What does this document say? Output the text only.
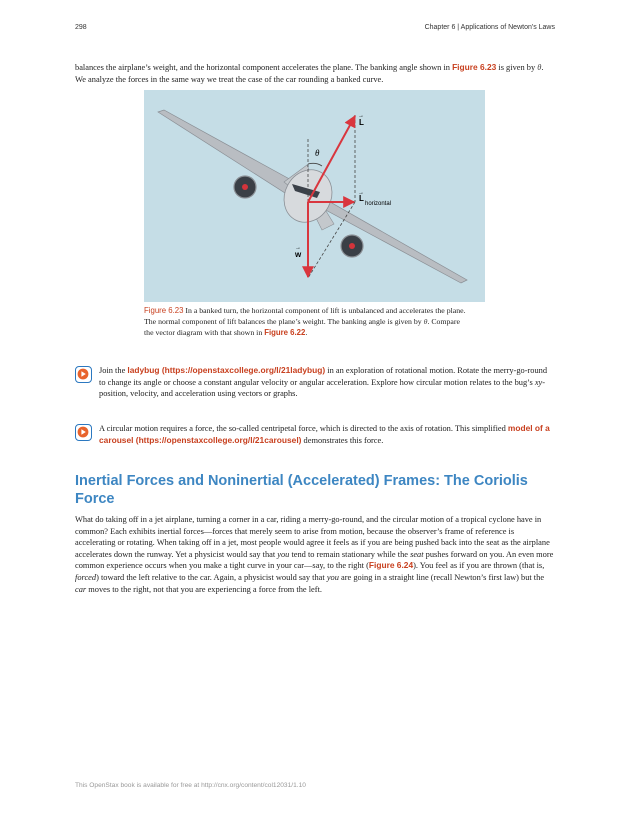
298	Chapter 6 | Applications of Newton's Laws

balances the airplane’s weight, and the horizontal component accelerates the plane. The banking angle shown in Figure 6.23 is given by θ. We analyze the forces in the same way we treat the case of the car rounding a banked curve.

→
L
θ
→
L
horizontal
→
w

Figure 6.23 In a banked turn, the horizontal component of lift is unbalanced and accelerates the plane. The normal component of lift balances the plane’s weight. The banking angle is given by θ. Compare the vector diagram with that shown in Figure 6.22.

Join the ladybug (https://openstaxcollege.org/l/21ladybug) in an exploration of rotational motion. Rotate the merry-go-round to change its angle or choose a constant angular velocity or angular acceleration. Explore how circular motion relates to the bug’s xy-position, velocity, and acceleration using vectors or graphs.

A circular motion requires a force, the so-called centripetal force, which is directed to the axis of rotation. This simplified model of a carousel (https://openstaxcollege.org/l/21carousel) demonstrates this force.

Inertial Forces and Noninertial (Accelerated) Frames: The Coriolis Force

What do taking off in a jet airplane, turning a corner in a car, riding a merry-go-round, and the circular motion of a tropical cyclone have in common? Each exhibits inertial forces—forces that merely seem to arise from motion, because the observer’s frame of reference is accelerating or rotating. When taking off in a jet, most people would agree it feels as if you are being pushed back into the seat as the airplane accelerates down the runway. Yet a physicist would say that you tend to remain stationary while the seat pushes forward on you. An even more common experience occurs when you make a tight curve in your car—say, to the right (Figure 6.24). You feel as if you are thrown (that is, forced) toward the left relative to the car. Again, a physicist would say that you are going in a straight line (recall Newton’s first law) but the car moves to the right, not that you are experiencing a force from the left.

This OpenStax book is available for free at http://cnx.org/content/col12031/1.10
